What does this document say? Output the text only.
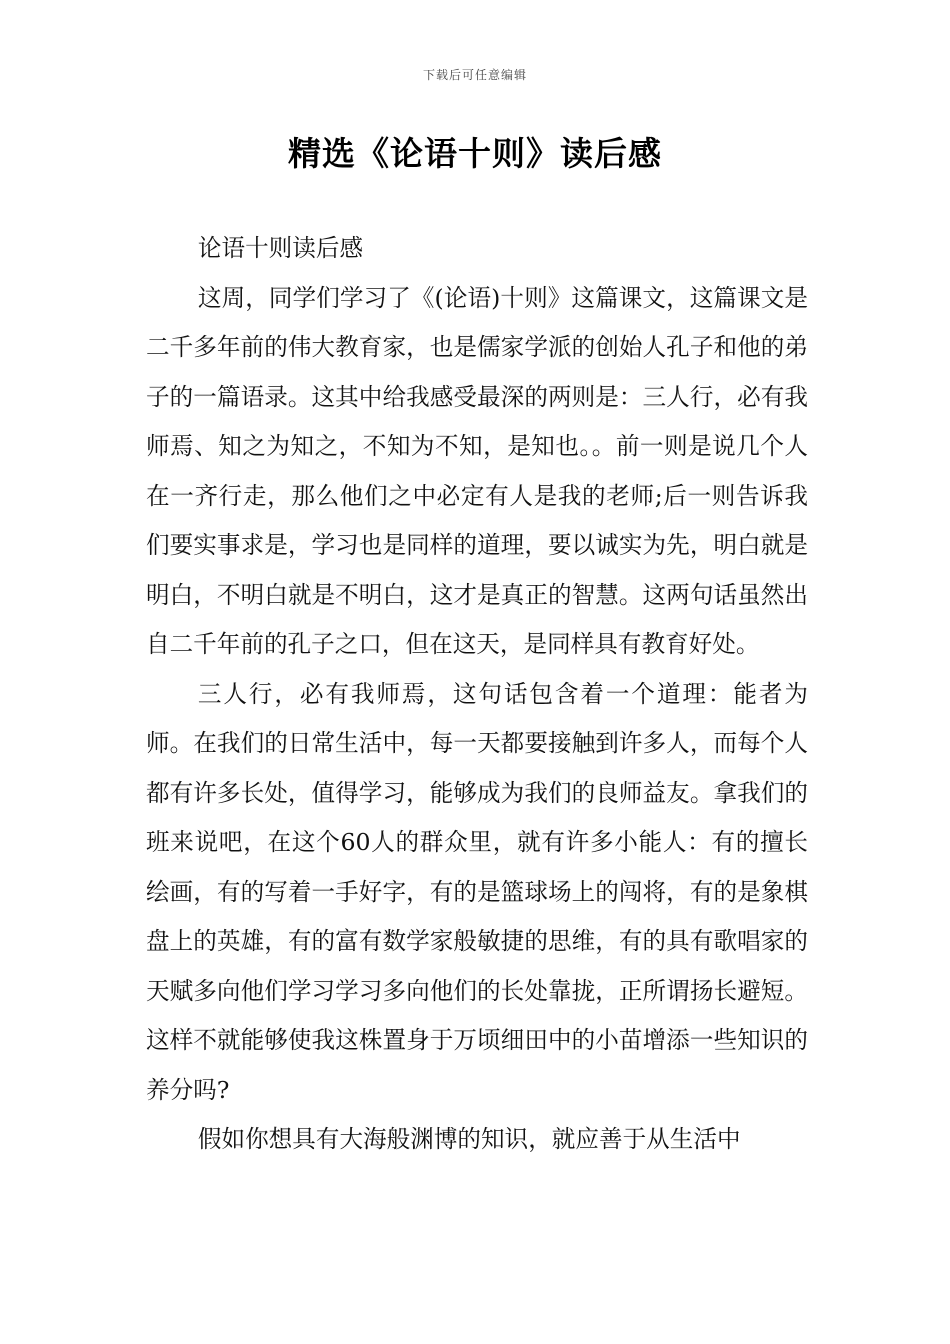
下载后可任意编辑
精选《论语十则》读后感

论语十则读后感

这周，同学们学习了《(论语)十则》这篇课文，这篇课文是二千多年前的伟大教育家，也是儒家学派的创始人孔子和他的弟子的一篇语录。这其中给我感受最深的两则是：三人行，必有我师焉、知之为知之，不知为不知，是知也。。前一则是说几个人在一齐行走，那么他们之中必定有人是我的老师;后一则告诉我们要实事求是，学习也是同样的道理，要以诚实为先，明白就是明白，不明白就是不明白，这才是真正的智慧。这两句话虽然出自二千年前的孔子之口，但在这天，是同样具有教育好处。

三人行，必有我师焉，这句话包含着一个道理：能者为师。在我们的日常生活中，每一天都要接触到许多人，而每个人都有许多长处，值得学习，能够成为我们的良师益友。拿我们的班来说吧，在这个60人的群众里，就有许多小能人：有的擅长绘画，有的写着一手好字，有的是篮球场上的闯将，有的是象棋盘上的英雄，有的富有数学家般敏捷的思维，有的具有歌唱家的天赋多向他们学习学习多向他们的长处靠拢，正所谓扬长避短。这样不就能够使我这株置身于万顷细田中的小苗增添一些知识的养分吗?

假如你想具有大海般渊博的知识，就应善于从生活中
